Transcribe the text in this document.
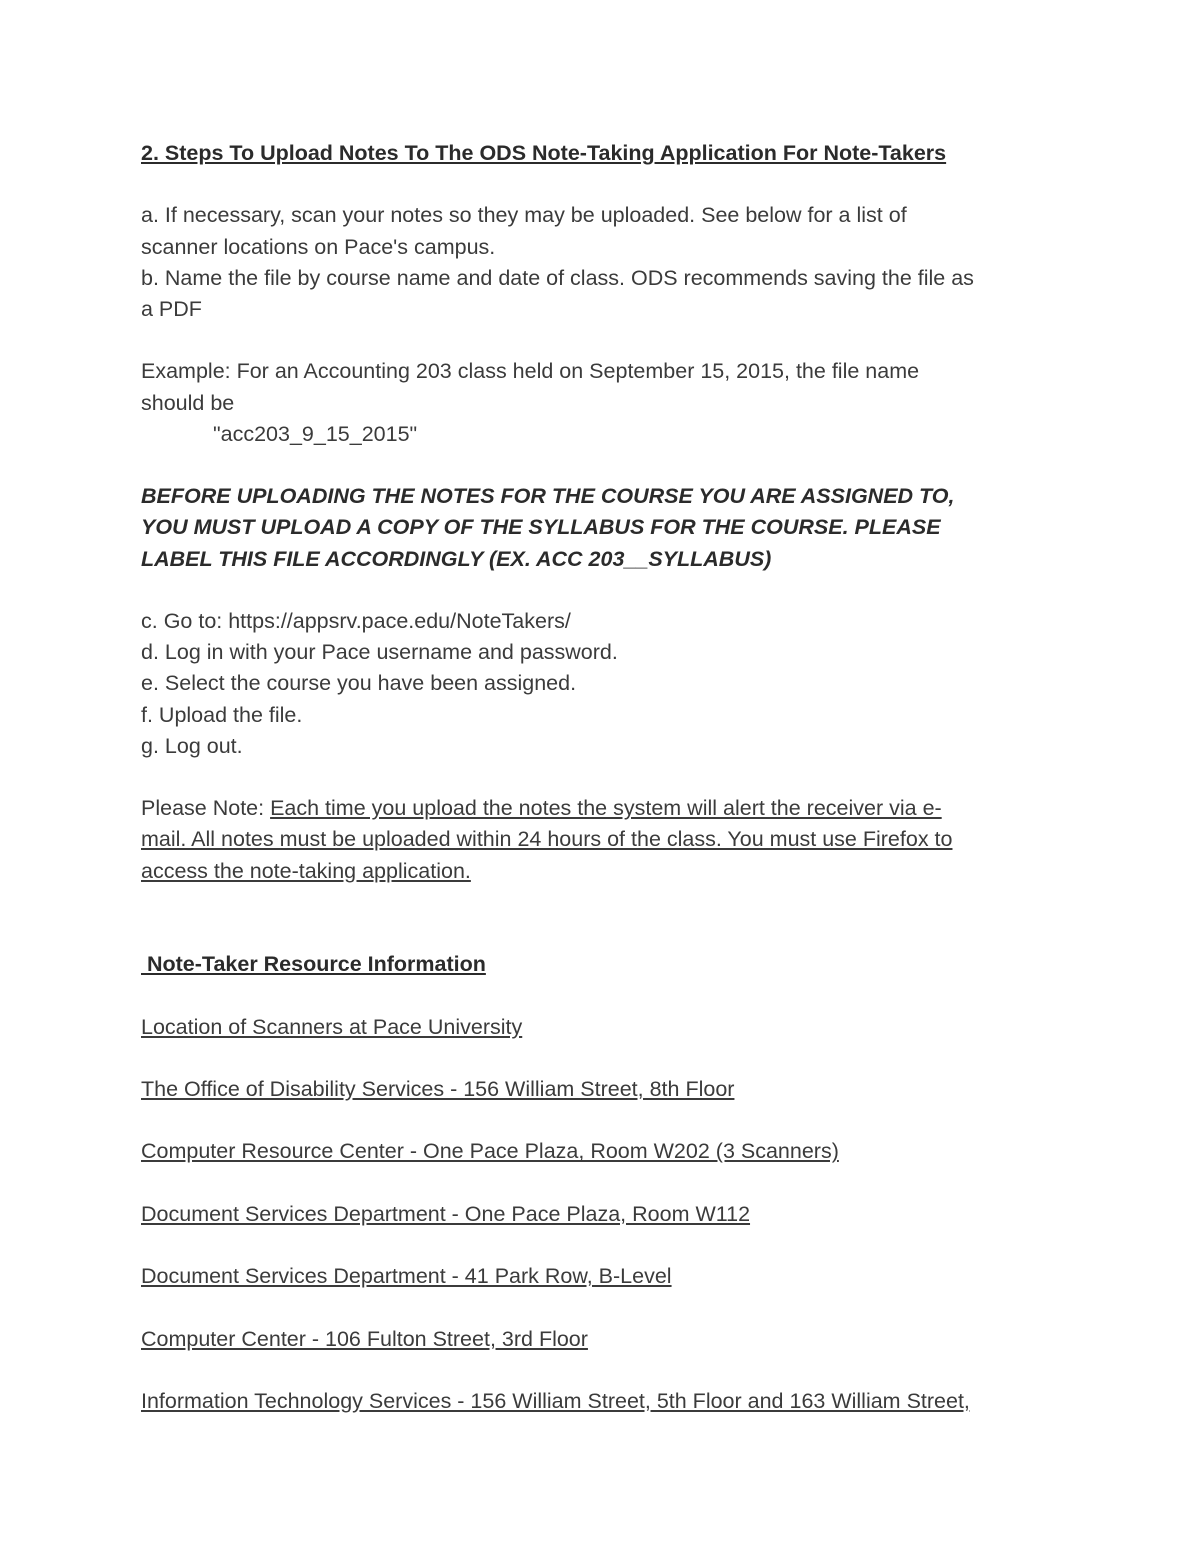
2. Steps To Upload Notes To The ODS Note-Taking Application For Note-Takers
a. If necessary, scan your notes so they may be uploaded. See below for a list of
scanner locations on Pace's campus.
b. Name the file by course name and date of class. ODS recommends saving the file as
a PDF
Example: For an Accounting 203 class held on September 15, 2015, the file name
should be
"acc203_9_15_2015"
BEFORE UPLOADING THE NOTES FOR THE COURSE YOU ARE ASSIGNED TO,
YOU MUST UPLOAD A COPY OF THE SYLLABUS FOR THE COURSE. PLEASE
LABEL THIS FILE ACCORDINGLY (EX. ACC 203__SYLLABUS)
c. Go to: https://appsrv.pace.edu/NoteTakers/
d. Log in with your Pace username and password.
e. Select the course you have been assigned.
f. Upload the file.
g. Log out.
Please Note: Each time you upload the notes the system will alert the receiver via e-
mail. All notes must be uploaded within 24 hours of the class. You must use Firefox to
access the note-taking application.
Note-Taker Resource Information
Location of Scanners at Pace University
The Office of Disability Services - 156 William Street, 8th Floor
Computer Resource Center - One Pace Plaza, Room W202 (3 Scanners)
Document Services Department - One Pace Plaza, Room W112
Document Services Department - 41 Park Row, B-Level
Computer Center - 106 Fulton Street, 3rd Floor
Information Technology Services - 156 William Street, 5th Floor and 163 William Street,
